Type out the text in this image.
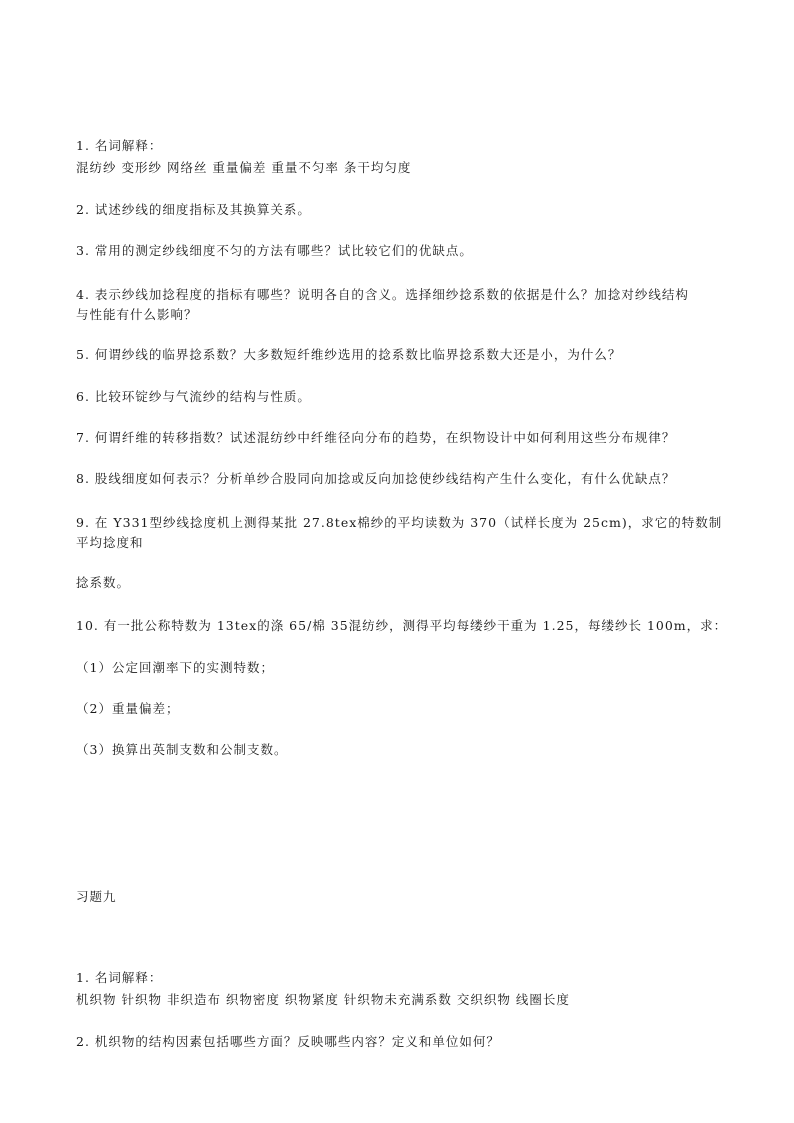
1. 名词解释：
混纺纱 变形纱 网络丝 重量偏差 重量不匀率 条干均匀度
2. 试述纱线的细度指标及其换算关系。
3. 常用的测定纱线细度不匀的方法有哪些？试比较它们的优缺点。
4. 表示纱线加捻程度的指标有哪些？说明各自的含义。选择细纱捻系数的依据是什么？加捻对纱线结构
与性能有什么影响？
5. 何谓纱线的临界捻系数？大多数短纤维纱选用的捻系数比临界捻系数大还是小，为什么？
6. 比较环锭纱与气流纱的结构与性质。
7. 何谓纤维的转移指数？试述混纺纱中纤维径向分布的趋势，在织物设计中如何利用这些分布规律？
8. 股线细度如何表示？分析单纱合股同向加捻或反向加捻使纱线结构产生什么变化，有什么优缺点？
9. 在 Y331型纱线捻度机上测得某批 27.8tex棉纱的平均读数为 370（试样长度为 25cm)，求它的特数制
平均捻度和
捻系数。
10. 有一批公称特数为 13tex的涤 65/棉 35混纺纱，测得平均每缕纱干重为 1.25，每缕纱长 100m，求：
（1）公定回潮率下的实测特数；
（2）重量偏差；
（3）换算出英制支数和公制支数。
习题九
1. 名词解释：
机织物 针织物 非织造布 织物密度 织物紧度 针织物未充满系数 交织织物 线圈长度
2. 机织物的结构因素包括哪些方面？反映哪些内容？定义和单位如何？
